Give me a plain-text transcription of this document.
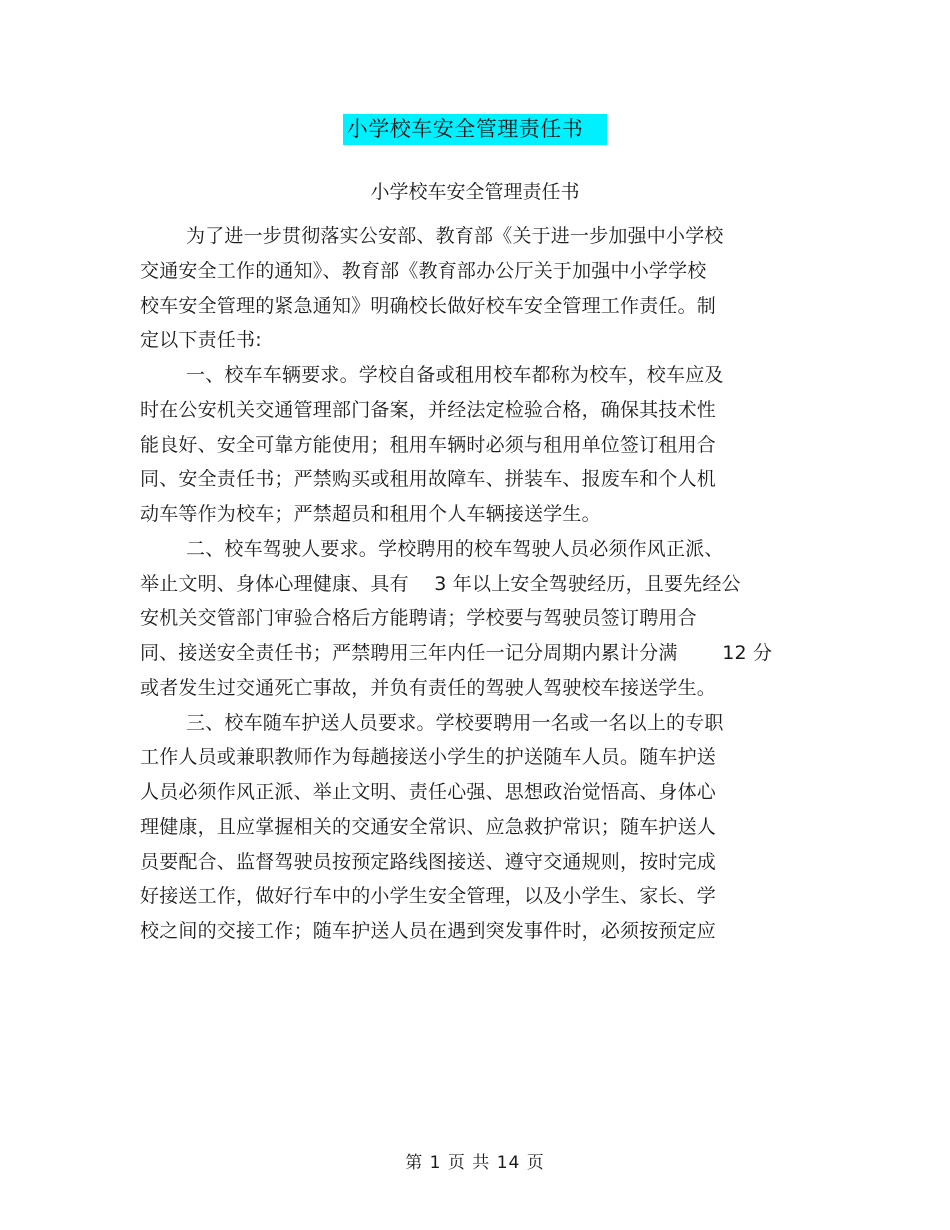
小学校车安全管理责任书
小学校车安全管理责任书
为了进一步贯彻落实公安部、教育部《关于进一步加强中小学校
交通安全工作的通知》、教育部《教育部办公厅关于加强中小学学校
校车安全管理的紧急通知》明确校长做好校车安全管理工作责任。制
定以下责任书:
一、校车车辆要求。学校自备或租用校车都称为校车，校车应及
时在公安机关交通管理部门备案，并经法定检验合格，确保其技术性
能良好、安全可靠方能使用；租用车辆时必须与租用单位签订租用合
同、安全责任书；严禁购买或租用故障车、拼装车、报废车和个人机
动车等作为校车；严禁超员和租用个人车辆接送学生。
二、校车驾驶人要求。学校聘用的校车驾驶人员必须作风正派、
举止文明、身体心理健康、具有　 3 年以上安全驾驶经历，且要先经公
安机关交管部门审验合格后方能聘请；学校要与驾驶员签订聘用合
同、接送安全责任书；严禁聘用三年内任一记分周期内累计分满　　 12 分
或者发生过交通死亡事故，并负有责任的驾驶人驾驶校车接送学生。
三、校车随车护送人员要求。学校要聘用一名或一名以上的专职
工作人员或兼职教师作为每趟接送小学生的护送随车人员。随车护送
人员必须作风正派、举止文明、责任心强、思想政治觉悟高、身体心
理健康，且应掌握相关的交通安全常识、应急救护常识；随车护送人
员要配合、监督驾驶员按预定路线图接送、遵守交通规则，按时完成
好接送工作，做好行车中的小学生安全管理，以及小学生、家长、学
校之间的交接工作；随车护送人员在遇到突发事件时，必须按预定应
第 1 页 共 14 页
